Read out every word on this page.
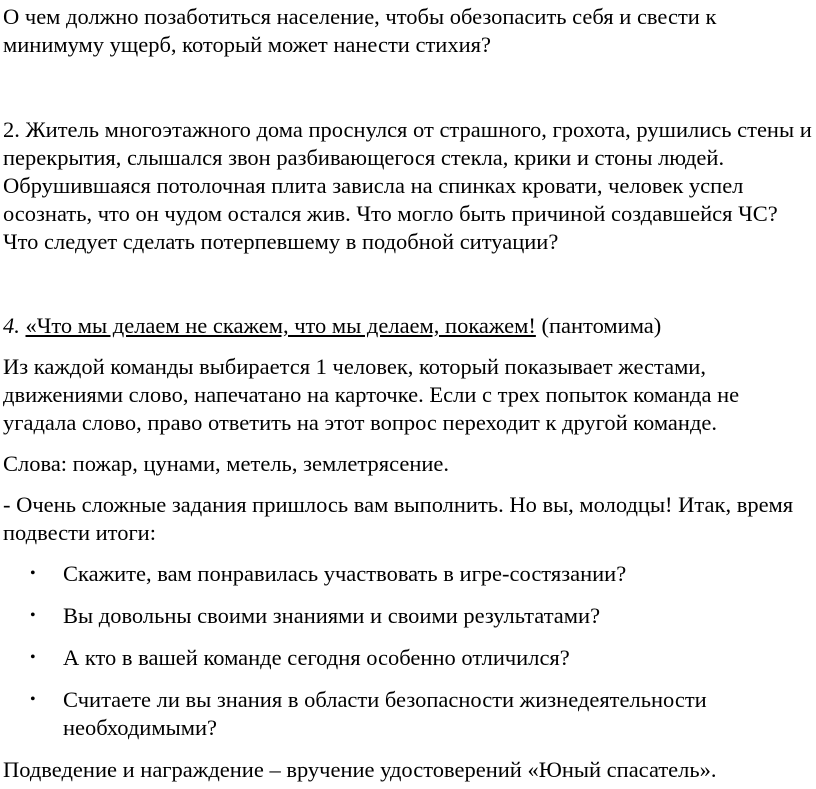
О чем должно позаботиться население, чтобы обезопасить себя и свести к минимуму ущерб, который может нанести стихия?

2. Житель многоэтажного дома проснулся от страшного, грохота, рушились стены и перекрытия, слышался звон разбивающегося стекла, крики и стоны людей. Обрушившаяся потолочная плита зависла на спинках кровати, человек успел осознать, что он чудом остался жив. Что могло быть причиной создавшейся ЧС? Что следует сделать потерпевшему в подобной ситуации?

4. «Что мы делаем не скажем, что мы делаем, покажем! (пантомима)

Из каждой команды выбирается 1 человек, который показывает жестами, движениями слово, напечатано на карточке. Если с трех попыток команда не угадала слово, право ответить на этот вопрос переходит к другой команде.

Слова: пожар, цунами, метель, землетрясение.

- Очень сложные задания пришлось вам выполнить. Но вы, молодцы! Итак, время подвести итоги:

• Скажите, вам понравилась участвовать в игре-состязании?
• Вы довольны своими знаниями и своими результатами?
• А кто в вашей команде сегодня особенно отличился?
• Считаете ли вы знания в области безопасности жизнедеятельности необходимыми?

Подведение и награждение – вручение удостоверений «Юный спасатель».
